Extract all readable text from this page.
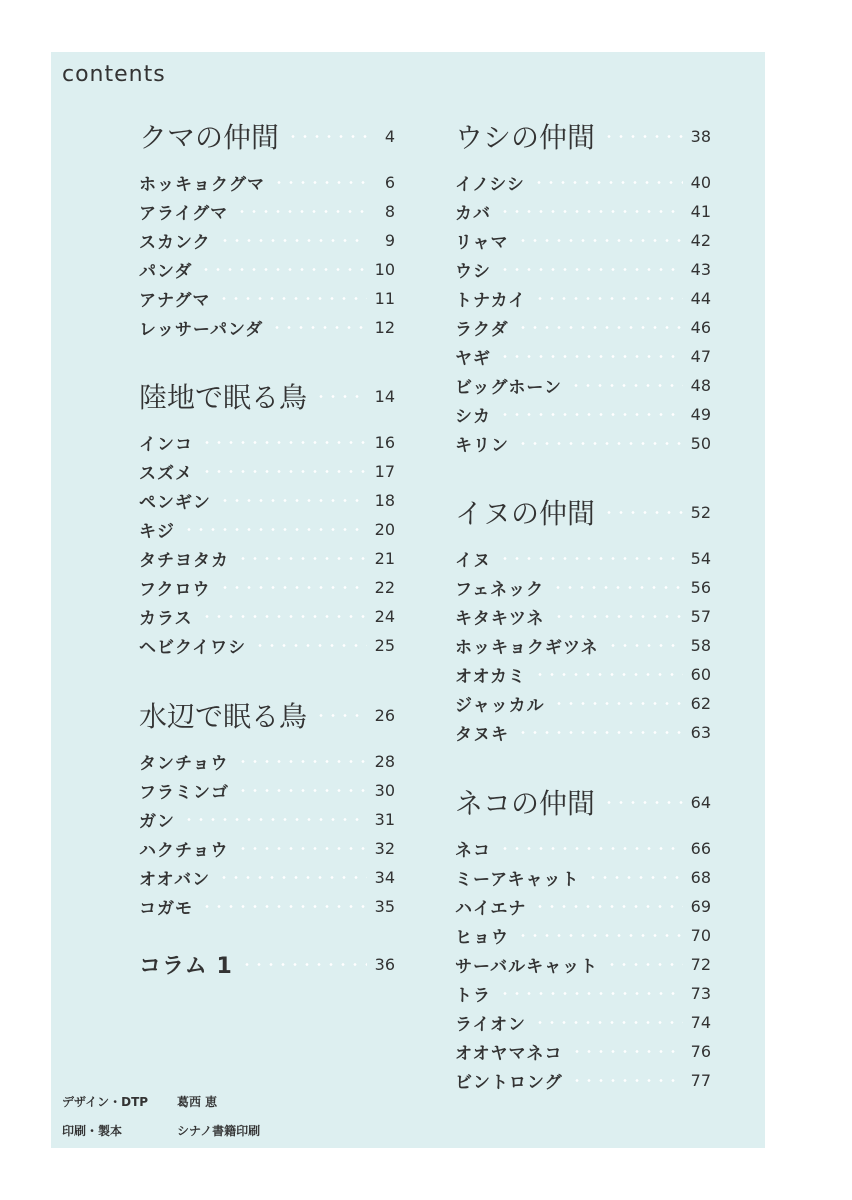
contents
クマの仲間	4
ホッキョクグマ	6
アライグマ	8
スカンク	9
パンダ	10
アナグマ	11
レッサーパンダ	12
陸地で眠る鳥	14
インコ	16
スズメ	17
ペンギン	18
キジ	20
タチヨタカ	21
フクロウ	22
カラス	24
ヘビクイワシ	25
水辺で眠る鳥	26
タンチョウ	28
フラミンゴ	30
ガン	31
ハクチョウ	32
オオバン	34
コガモ	35
コラム 1	36
ウシの仲間	38
イノシシ	40
カバ	41
リャマ	42
ウシ	43
トナカイ	44
ラクダ	46
ヤギ	47
ビッグホーン	48
シカ	49
キリン	50
イヌの仲間	52
イヌ	54
フェネック	56
キタキツネ	57
ホッキョクギツネ	58
オオカミ	60
ジャッカル	62
タヌキ	63
ネコの仲間	64
ネコ	66
ミーアキャット	68
ハイエナ	69
ヒョウ	70
サーバルキャット	72
トラ	73
ライオン	74
オオヤマネコ	76
ビントロング	77
デザイン・DTP 葛西 恵
印刷・製本	シナノ書籍印刷
